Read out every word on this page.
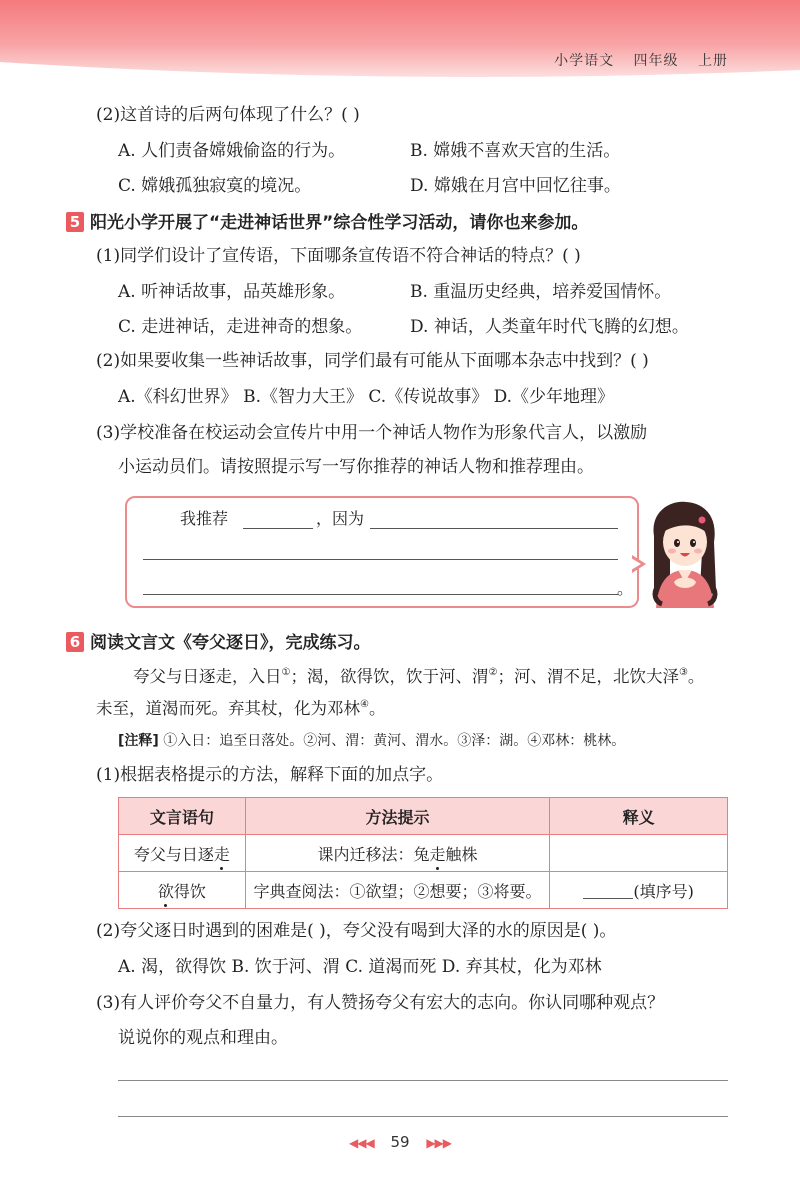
小学语文 四年级 上册
(2)这首诗的后两句体现了什么？( )
A. 人们责备嫦娥偷盗的行为。	B. 嫦娥不喜欢天宫的生活。
C. 嫦娥孤独寂寞的境况。	D. 嫦娥在月宫中回忆往事。
5 阳光小学开展了“走进神话世界”综合性学习活动，请你也来参加。
(1)同学们设计了宣传语，下面哪条宣传语不符合神话的特点？( )
A. 听神话故事，品英雄形象。	B. 重温历史经典，培养爱国情怀。
C. 走进神话，走进神奇的想象。	D. 神话，人类童年时代飞腾的幻想。
(2)如果要收集一些神话故事，同学们最有可能从下面哪本杂志中找到？( )
A.《科幻世界》 B.《智力大王》 C.《传说故事》 D.《少年地理》
(3)学校准备在校运动会宣传片中用一个神话人物作为形象代言人，以激励
小运动员们。请按照提示写一写你推荐的神话人物和推荐理由。
我推荐	，因为
。
6 阅读文言文《夸父逐日》，完成练习。
夸父与日逐走，入日①；渴，欲得饮，饮于河、渭②；河、渭不足，北饮大泽③。
未至，道渴而死。弃其杖，化为邓林④。
[注释] ①入日：追至日落处。②河、渭：黄河、渭水。③泽：湖。④邓林：桃林。
(1)根据表格提示的方法，解释下面的加点字。
文言语句	方法提示	释义
夸父与日逐走	课内迁移法：兔走触株	
欲得饮	字典查阅法：①欲望；②想要；③将要。	(填序号)
(2)夸父逐日时遇到的困难是( )，夸父没有喝到大泽的水的原因是( )。
A. 渴，欲得饮 B. 饮于河、渭 C. 道渴而死 D. 弃其杖，化为邓林
(3)有人评价夸父不自量力，有人赞扬夸父有宏大的志向。你认同哪种观点？
说说你的观点和理由。
◀◀◀ 59 ▶▶▶
